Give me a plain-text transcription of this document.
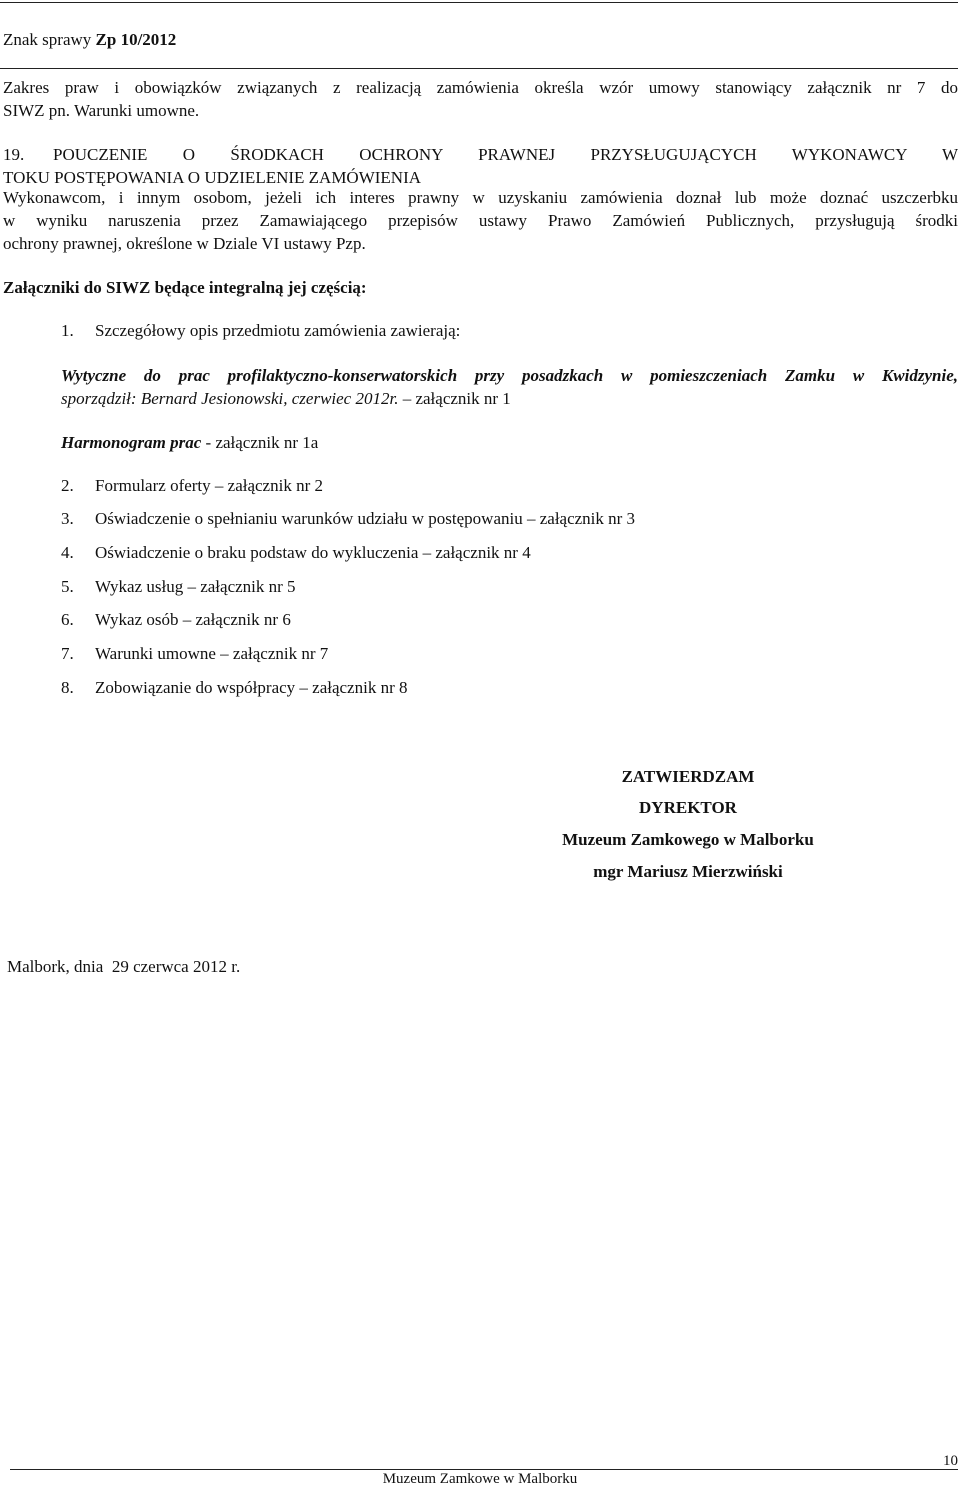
Znak sprawy Zp 10/2012
Zakres praw i obowiązków związanych z realizacją zamówienia określa wzór umowy stanowiący załącznik nr 7 do
SIWZ pn. Warunki umowne.
19. POUCZENIE O ŚRODKACH OCHRONY PRAWNEJ PRZYSŁUGUJĄCYCH WYKONAWCY W
TOKU POSTĘPOWANIA O UDZIELENIE ZAMÓWIENIA
Wykonawcom, i innym osobom, jeżeli ich interes prawny w uzyskaniu zamówienia doznał lub może doznać uszczerbku
w wyniku naruszenia przez Zamawiającego przepisów ustawy Prawo Zamówień Publicznych, przysługują środki
ochrony prawnej, określone w Dziale VI ustawy Pzp.
Załączniki do SIWZ będące integralną jej częścią:
1. Szczegółowy opis przedmiotu zamówienia zawierają:
Wytyczne do prac profilaktyczno-konserwatorskich przy posadzkach w pomieszczeniach Zamku w Kwidzynie,
sporządził: Bernard Jesionowski, czerwiec 2012r. – załącznik nr 1
Harmonogram prac - załącznik nr 1a
2. Formularz oferty – załącznik nr 2
3. Oświadczenie o spełnianiu warunków udziału w postępowaniu – załącznik nr 3
4. Oświadczenie o braku podstaw do wykluczenia – załącznik nr 4
5. Wykaz usług – załącznik nr 5
6. Wykaz osób – załącznik nr 6
7. Warunki umowne – załącznik nr 7
8. Zobowiązanie do współpracy – załącznik nr 8
ZATWIERDZAM
DYREKTOR
Muzeum Zamkowego w Malborku
mgr Mariusz Mierzwiński
Malbork, dnia  29 czerwca 2012 r.
10
Muzeum Zamkowe w Malborku
